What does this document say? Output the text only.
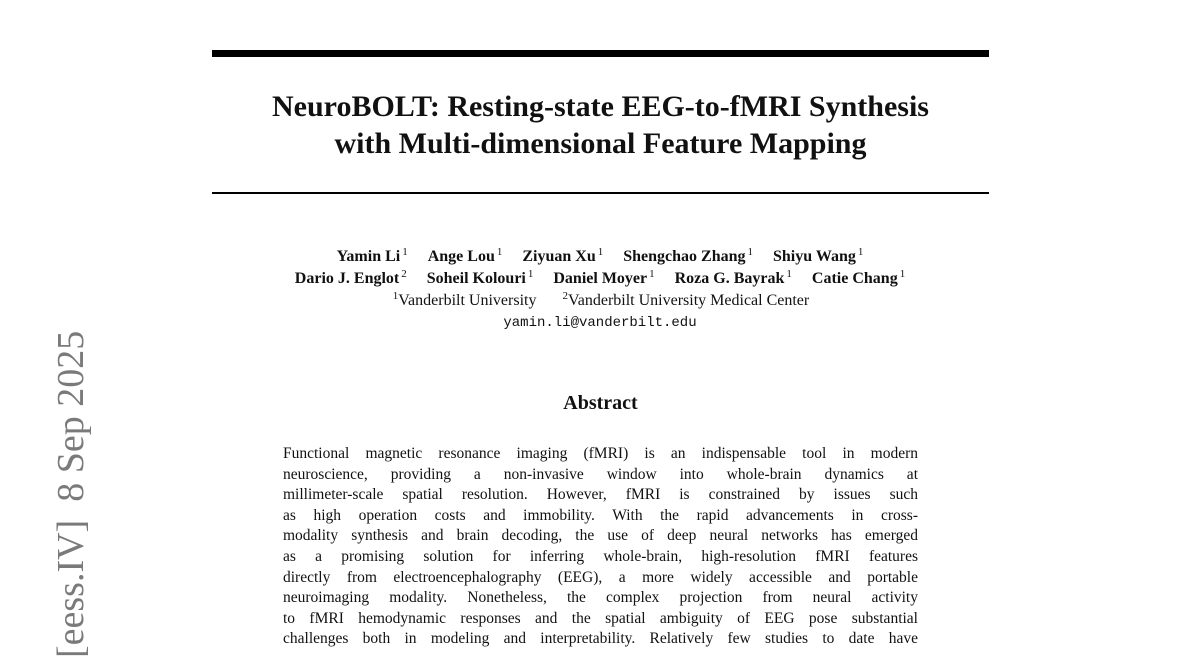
NeuroBOLT: Resting-state EEG-to-fMRI Synthesis
with Multi-dimensional Feature Mapping
Yamin Li $^1$ Ange Lou $^1$ Ziyuan Xu $^1$ Shengchao Zhang $^1$ Shiyu Wang $^1$
Dario J. Englot $^2$ Soheil Kolouri $^1$ Daniel Moyer $^1$ Roza G. Bayrak $^1$ Catie Chang $^1$
$^1$Vanderbilt University $^2$Vanderbilt University Medical Center
yamin.li@vanderbilt.edu
Abstract
Functional magnetic resonance imaging (fMRI) is an indispensable tool in modern
neuroscience, providing a non-invasive window into whole-brain dynamics at
millimeter-scale spatial resolution. However, fMRI is constrained by issues such
as high operation costs and immobility. With the rapid advancements in cross-
modality synthesis and brain decoding, the use of deep neural networks has emerged
as a promising solution for inferring whole-brain, high-resolution fMRI features
directly from electroencephalography (EEG), a more widely accessible and portable
neuroimaging modality. Nonetheless, the complex projection from neural activity
to fMRI hemodynamic responses and the spatial ambiguity of EEG pose substantial
challenges both in modeling and interpretability. Relatively few studies to date have
[eess.IV]8 Sep 2025
